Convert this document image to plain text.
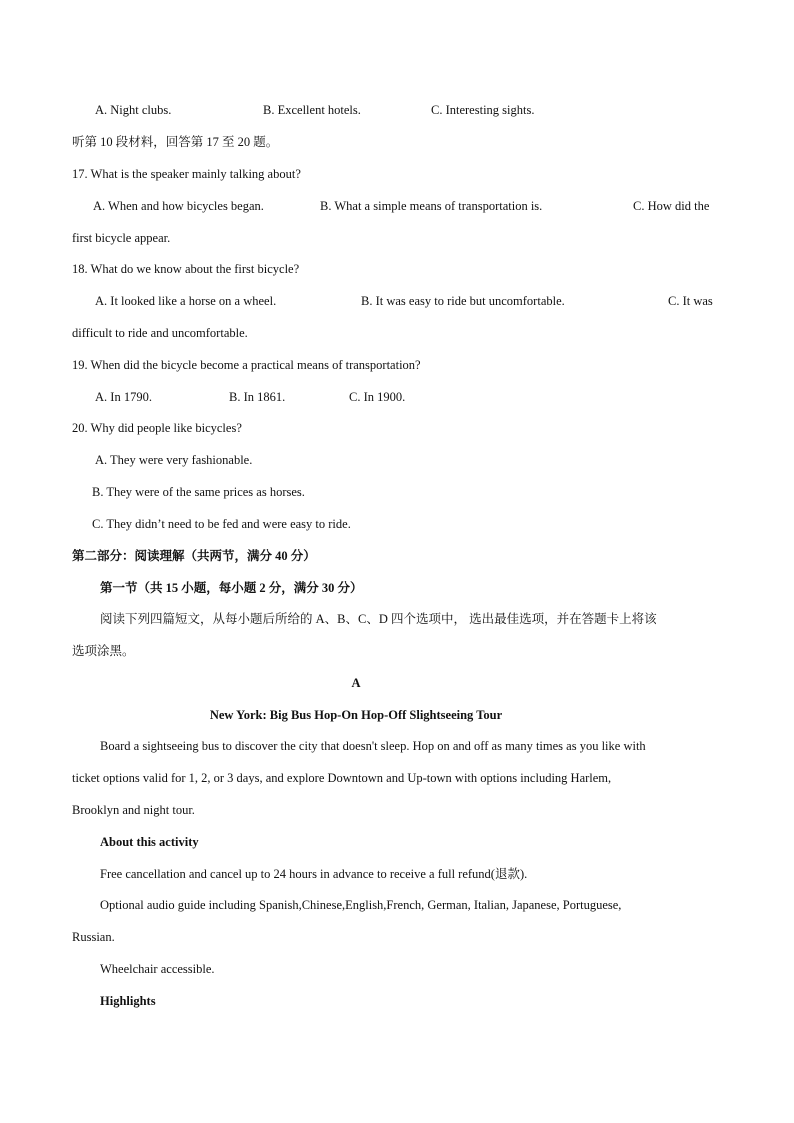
A. Night clubs.	B. Excellent hotels.	C. Interesting sights.
听第 10 段材料，回答第 17 至 20 题。
17. What is the speaker mainly talking about?
A. When and how bicycles began.	B. What a simple means of transportation is.	C. How did the
first bicycle appear.
18. What do we know about the first bicycle?
A. It looked like a horse on a wheel.	B. It was easy to ride but uncomfortable.	C. It was
difficult to ride and uncomfortable.
19. When did the bicycle become a practical means of transportation?
A. In 1790.	B. In 1861.	C. In 1900.
20. Why did people like bicycles?
A. They were very fashionable.
B. They were of the same prices as horses.
C. They didn’t need to be fed and were easy to ride.
第二部分：阅读理解（共两节，满分 40 分）
第一节（共 15 小题，每小题 2 分，满分 30 分）
阅读下列四篇短文，从每小题后所给的 A、B、C、D 四个选项中， 选出最佳选项，并在答题卡上将该
选项涂黑。
A
New York: Big Bus Hop-On Hop-Off Slightseeing Tour
Board a sightseeing bus to discover the city that doesn't sleep. Hop on and off as many times as you like with
ticket options valid for 1, 2, or 3 days, and explore Downtown and Up-town with options including Harlem,
Brooklyn and night tour.
About this activity
Free cancellation and cancel up to 24 hours in advance to receive a full refund(退款).
Optional audio guide including Spanish,Chinese,English,French, German, Italian, Japanese, Portuguese,
Russian.
Wheelchair accessible.
Highlights
